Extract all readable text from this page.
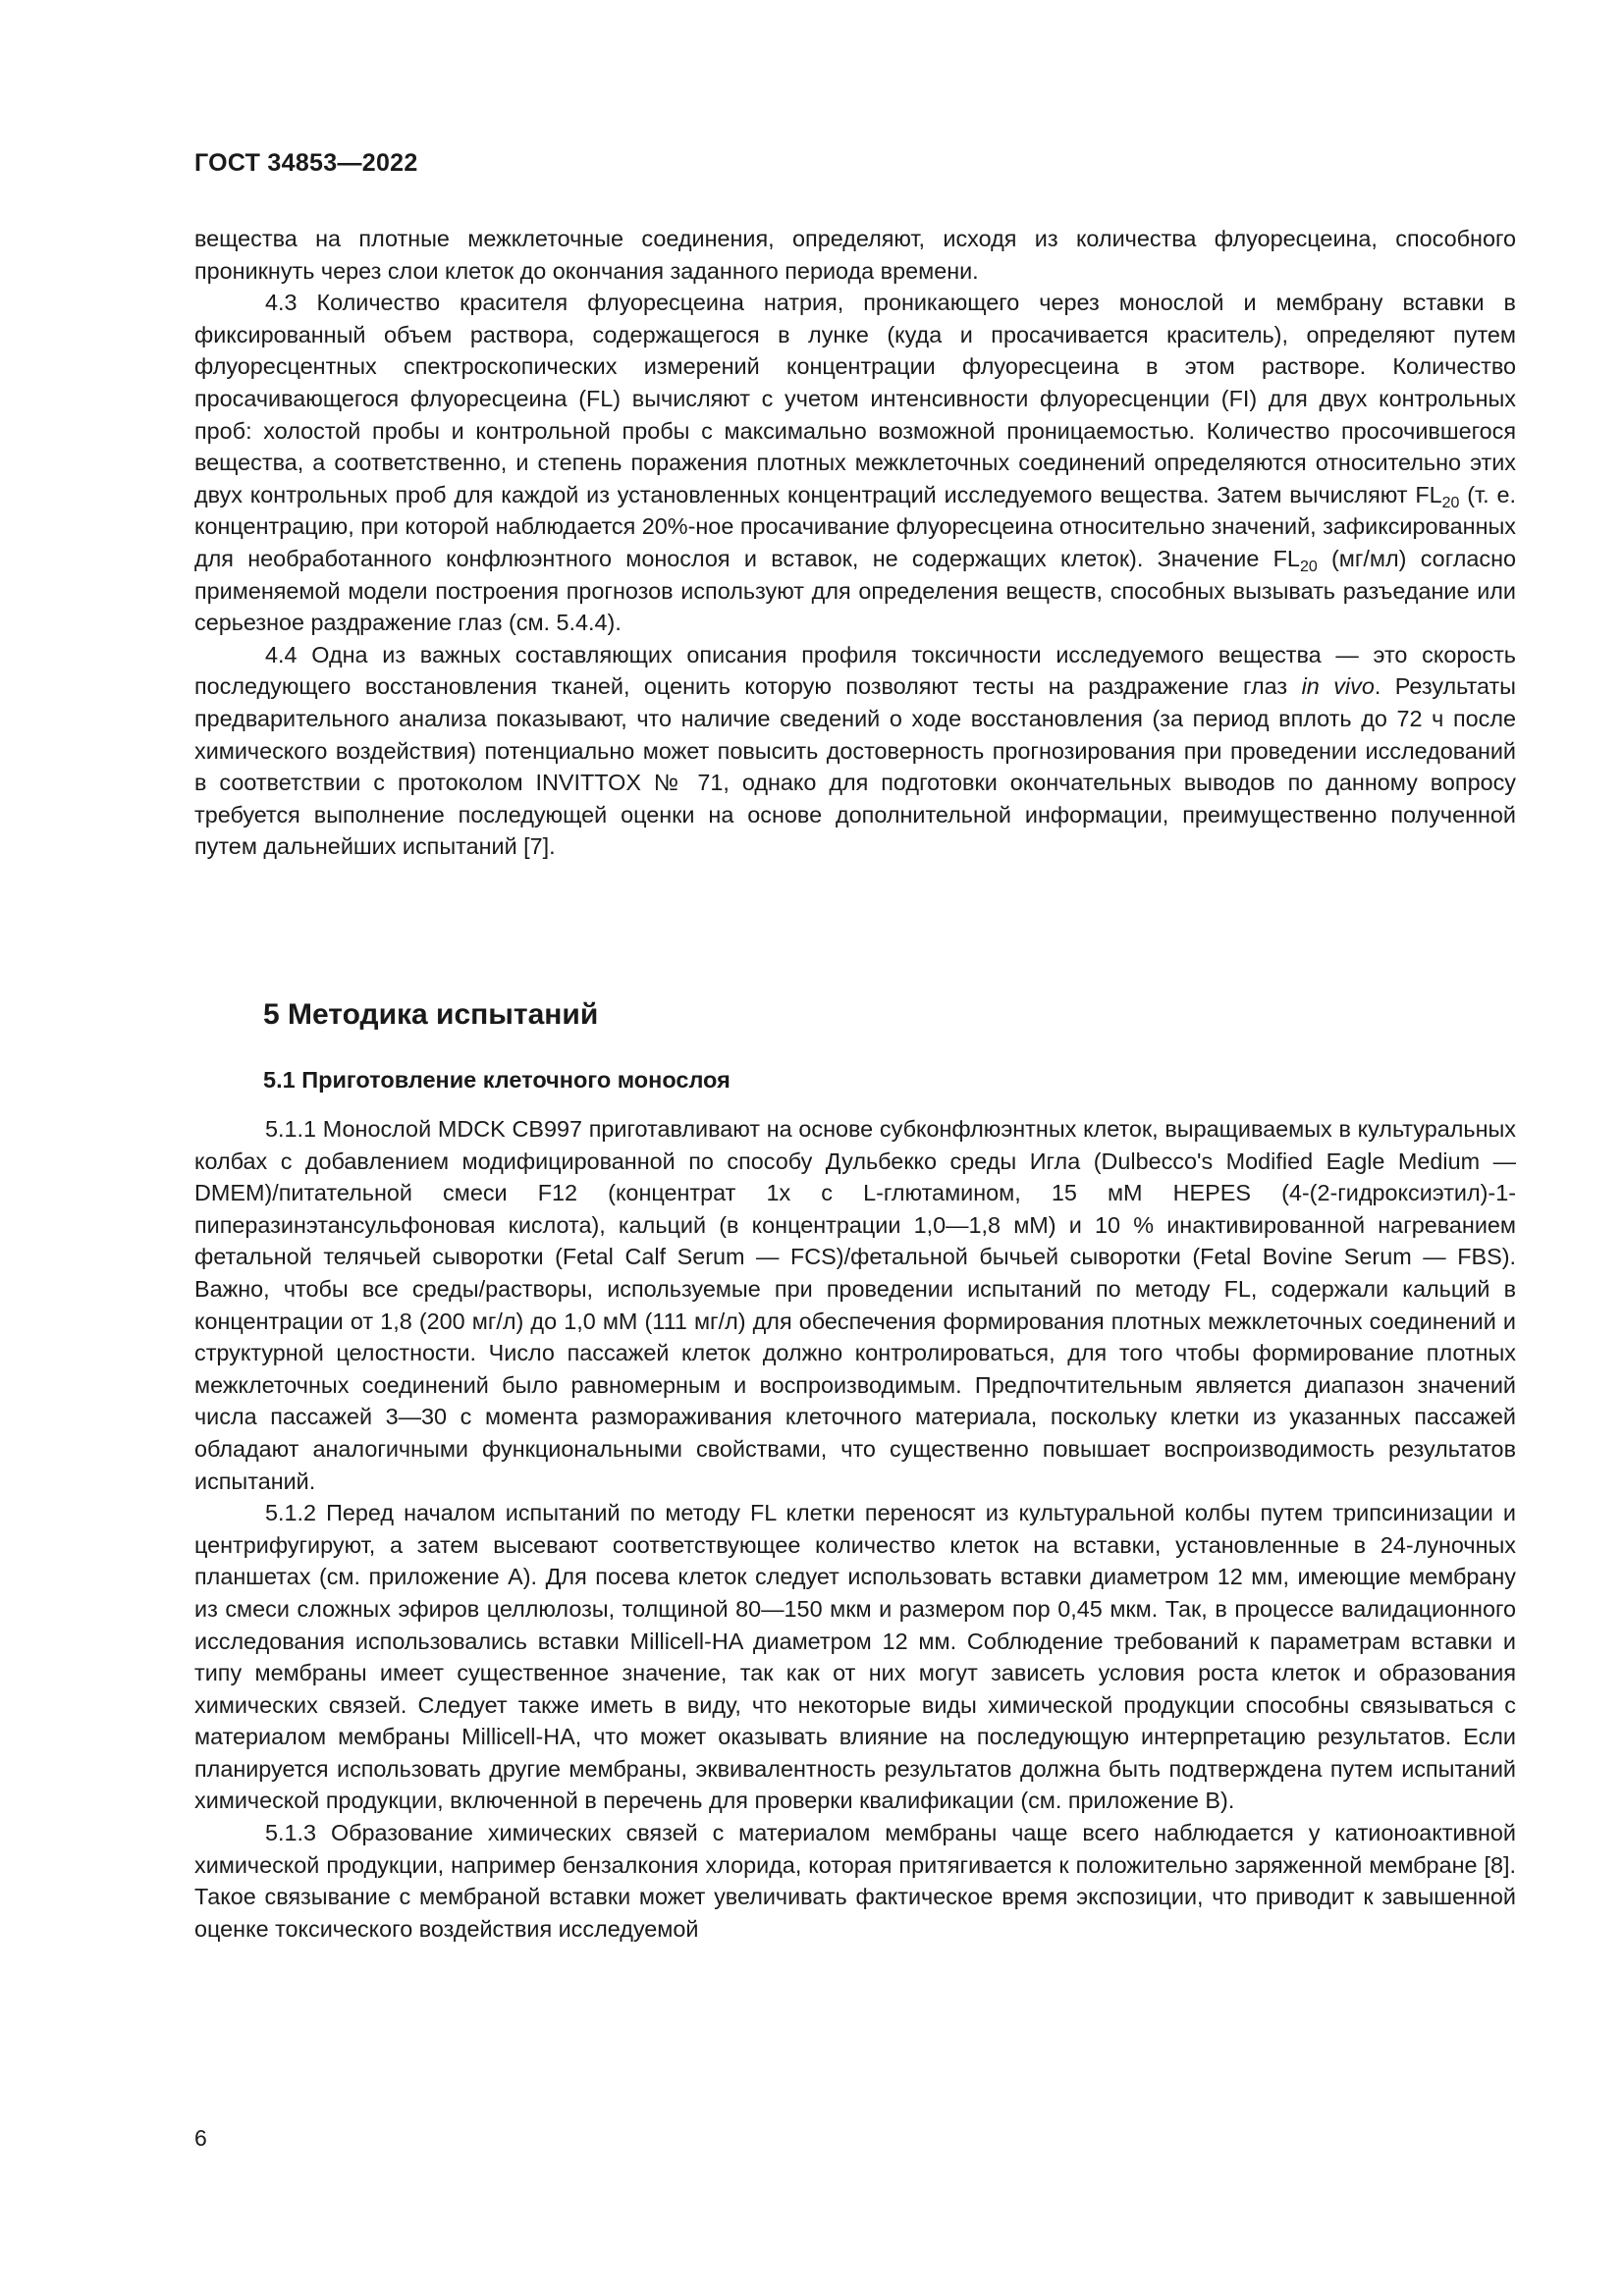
ГОСТ 34853—2022

вещества на плотные межклеточные соединения, определяют, исходя из количества флуоресцеина, способного проникнуть через слои клеток до окончания заданного периода времени.

4.3 Количество красителя флуоресцеина натрия, проникающего через монослой и мембрану вставки в фиксированный объем раствора, содержащегося в лунке (куда и просачивается краситель), определяют путем флуоресцентных спектроскопических измерений концентрации флуоресцеина в этом растворе. Количество просачивающегося флуоресцеина (FL) вычисляют с учетом интенсивности флуоресценции (FI) для двух контрольных проб: холостой пробы и контрольной пробы с максимально возможной проницаемостью. Количество просочившегося вещества, а соответственно, и степень поражения плотных межклеточных соединений определяются относительно этих двух контрольных проб для каждой из установленных концентраций исследуемого вещества. Затем вычисляют $FL_{20}$ (т. е. концентрацию, при которой наблюдается 20%-ное просачивание флуоресцеина относительно значений, зафиксированных для необработанного конфлюэнтного монослоя и вставок, не содержащих клеток). Значение $FL_{20}$ (мг/мл) согласно применяемой модели построения прогнозов используют для определения веществ, способных вызывать разъедание или серьезное раздражение глаз (см. 5.4.4).

4.4 Одна из важных составляющих описания профиля токсичности исследуемого вещества — это скорость последующего восстановления тканей, оценить которую позволяют тесты на раздражение глаз in vivo. Результаты предварительного анализа показывают, что наличие сведений о ходе восстановления (за период вплоть до 72 ч после химического воздействия) потенциально может повысить достоверность прогнозирования при проведении исследований в соответствии с протоколом INVITTOX № 71, однако для подготовки окончательных выводов по данному вопросу требуется выполнение последующей оценки на основе дополнительной информации, преимущественно полученной путем дальнейших испытаний [7].

5 Методика испытаний
5.1 Приготовление клеточного монослоя

5.1.1 Монослой MDCK CB997 приготавливают на основе субконфлюэнтных клеток, выращиваемых в культуральных колбах с добавлением модифицированной по способу Дульбекко среды Игла (Dulbecco's Modified Eagle Medium — DMEM)/питательной смеси F12 (концентрат 1x с L-глютамином, 15 мМ HEPES (4-(2-гидроксиэтил)-1-пиперазинэтансульфоновая кислота), кальций (в концентрации 1,0—1,8 мМ) и 10 % инактивированной нагреванием фетальной телячьей сыворотки (Fetal Calf Serum — FCS)/фетальной бычьей сыворотки (Fetal Bovine Serum — FBS). Важно, чтобы все среды/растворы, используемые при проведении испытаний по методу FL, содержали кальций в концентрации от 1,8 (200 мг/л) до 1,0 мМ (111 мг/л) для обеспечения формирования плотных межклеточных соединений и структурной целостности. Число пассажей клеток должно контролироваться, для того чтобы формирование плотных межклеточных соединений было равномерным и воспроизводимым. Предпочтительным является диапазон значений числа пассажей 3—30 с момента размораживания клеточного материала, поскольку клетки из указанных пассажей обладают аналогичными функциональными свойствами, что существенно повышает воспроизводимость результатов испытаний.

5.1.2 Перед началом испытаний по методу FL клетки переносят из культуральной колбы путем трипсинизации и центрифугируют, а затем высевают соответствующее количество клеток на вставки, установленные в 24-луночных планшетах (см. приложение А). Для посева клеток следует использовать вставки диаметром 12 мм, имеющие мембрану из смеси сложных эфиров целлюлозы, толщиной 80—150 мкм и размером пор 0,45 мкм. Так, в процессе валидационного исследования использовались вставки Millicell-HA диаметром 12 мм. Соблюдение требований к параметрам вставки и типу мембраны имеет существенное значение, так как от них могут зависеть условия роста клеток и образования химических связей. Следует также иметь в виду, что некоторые виды химической продукции способны связываться с материалом мембраны Millicell-HA, что может оказывать влияние на последующую интерпретацию результатов. Если планируется использовать другие мембраны, эквивалентность результатов должна быть подтверждена путем испытаний химической продукции, включенной в перечень для проверки квалификации (см. приложение В).

5.1.3 Образование химических связей с материалом мембраны чаще всего наблюдается у катионоактивной химической продукции, например бензалкония хлорида, которая притягивается к положительно заряженной мембране [8]. Такое связывание с мембраной вставки может увеличивать фактическое время экспозиции, что приводит к завышенной оценке токсического воздействия исследуемой

6
